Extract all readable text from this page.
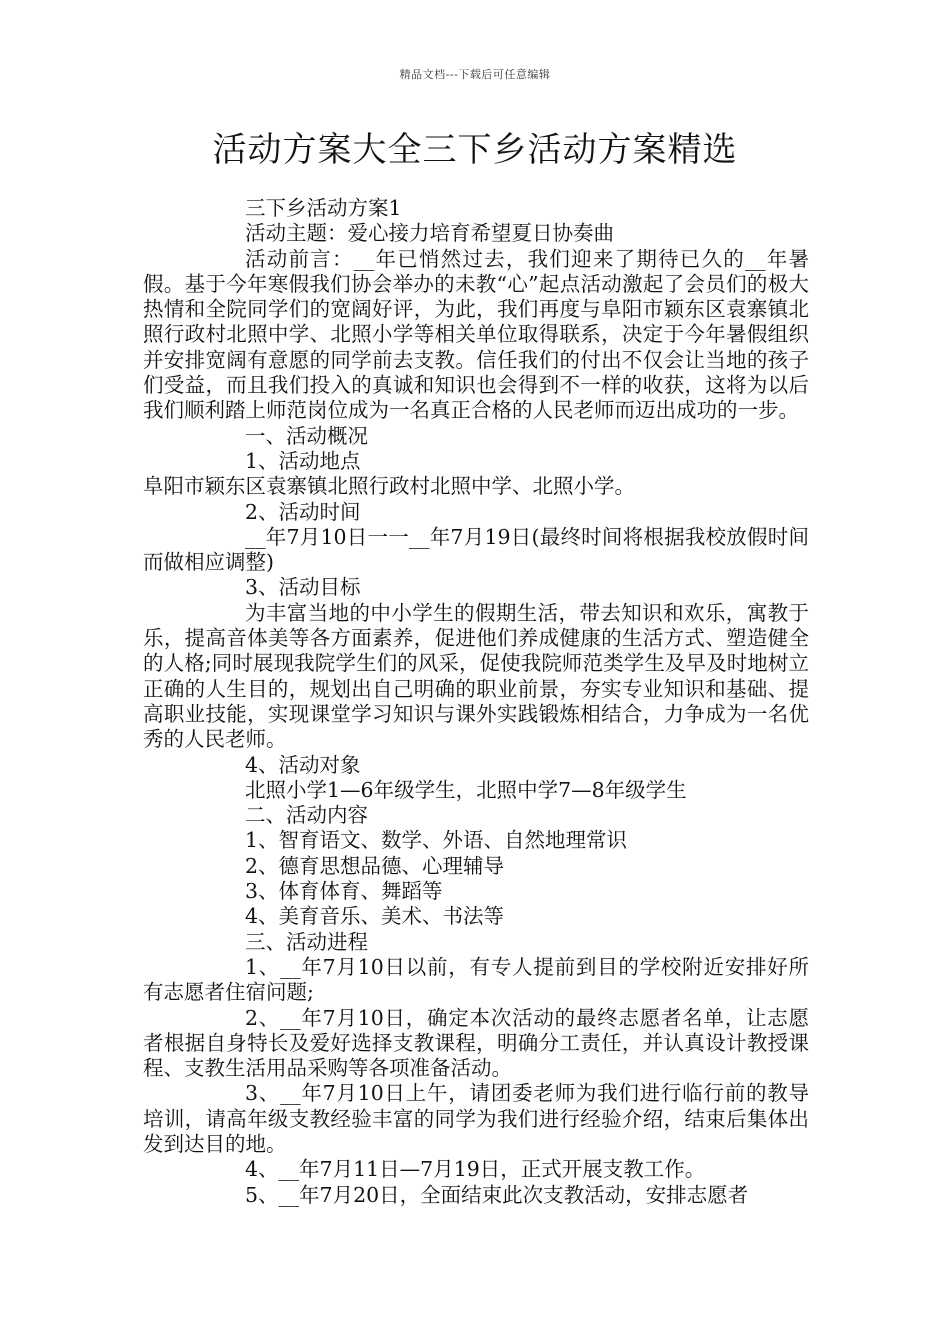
精品文档---下载后可任意编辑
活动方案大全三下乡活动方案精选

三下乡活动方案1

活动主题：爱心接力培育希望夏日协奏曲

活动前言：__年已悄然过去，我们迎来了期待已久的__年暑假。基于今年寒假我们协会举办的未教“心”起点活动激起了会员们的极大热情和全院同学们的宽阔好评，为此，我们再度与阜阳市颖东区袁寨镇北照行政村北照中学、北照小学等相关单位取得联系，决定于今年暑假组织并安排宽阔有意愿的同学前去支教。信任我们的付出不仅会让当地的孩子们受益，而且我们投入的真诚和知识也会得到不一样的收获，这将为以后我们顺利踏上师范岗位成为一名真正合格的人民老师而迈出成功的一步。

一、活动概况

1、活动地点

阜阳市颖东区袁寨镇北照行政村北照中学、北照小学。

2、活动时间

__年7月10日一一__年7月19日(最终时间将根据我校放假时间而做相应调整)

3、活动目标

为丰富当地的中小学生的假期生活，带去知识和欢乐，寓教于乐，提高音体美等各方面素养，促进他们养成健康的生活方式、塑造健全的人格;同时展现我院学生们的风采，促使我院师范类学生及早及时地树立正确的人生目的，规划出自己明确的职业前景，夯实专业知识和基础、提高职业技能，实现课堂学习知识与课外实践锻炼相结合，力争成为一名优秀的人民老师。

4、活动对象

北照小学1—6年级学生，北照中学7—8年级学生

二、活动内容

1、智育语文、数学、外语、自然地理常识

2、德育思想品德、心理辅导

3、体育体育、舞蹈等

4、美育音乐、美术、书法等

三、活动进程

1、__年7月10日以前，有专人提前到目的学校附近安排好所有志愿者住宿问题;

2、__年7月10日，确定本次活动的最终志愿者名单，让志愿者根据自身特长及爱好选择支教课程，明确分工责任，并认真设计教授课程、支教生活用品采购等各项准备活动。

3、__年7月10日上午，请团委老师为我们进行临行前的教导培训，请高年级支教经验丰富的同学为我们进行经验介绍，结束后集体出发到达目的地。

4、__年7月11日—7月19日，正式开展支教工作。

5、__年7月20日，全面结束此次支教活动，安排志愿者
